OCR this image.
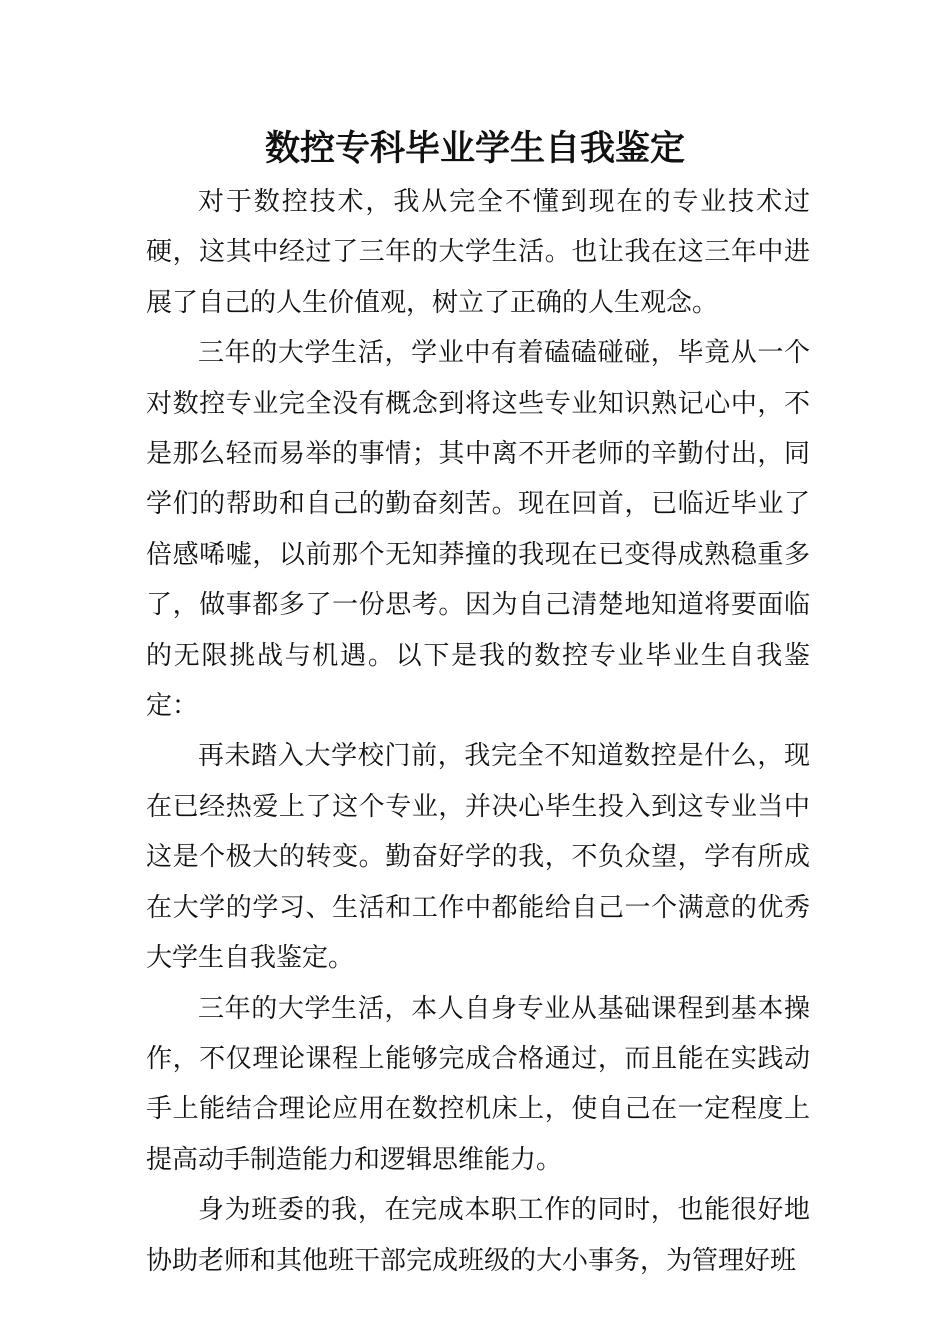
数控专科毕业学生自我鉴定

对于数控技术，我从完全不懂到现在的专业技术过硬，这其中经过了三年的大学生活。也让我在这三年中进展了自己的人生价值观，树立了正确的人生观念。

三年的大学生活，学业中有着磕磕碰碰，毕竟从一个对数控专业完全没有概念到将这些专业知识熟记心中，不是那么轻而易举的事情；其中离不开老师的辛勤付出，同学们的帮助和自己的勤奋刻苦。现在回首，已临近毕业了倍感唏嘘，以前那个无知莽撞的我现在已变得成熟稳重多了，做事都多了一份思考。因为自己清楚地知道将要面临的无限挑战与机遇。以下是我的数控专业毕业生自我鉴定：

再未踏入大学校门前，我完全不知道数控是什么，现在已经热爱上了这个专业，并决心毕生投入到这专业当中这是个极大的转变。勤奋好学的我，不负众望，学有所成在大学的学习、生活和工作中都能给自己一个满意的优秀大学生自我鉴定。

三年的大学生活，本人自身专业从基础课程到基本操作，不仅理论课程上能够完成合格通过，而且能在实践动手上能结合理论应用在数控机床上，使自己在一定程度上提高动手制造能力和逻辑思维能力。

身为班委的我，在完成本职工作的同时，也能很好地协助老师和其他班干部完成班级的大小事务，为管理好班
